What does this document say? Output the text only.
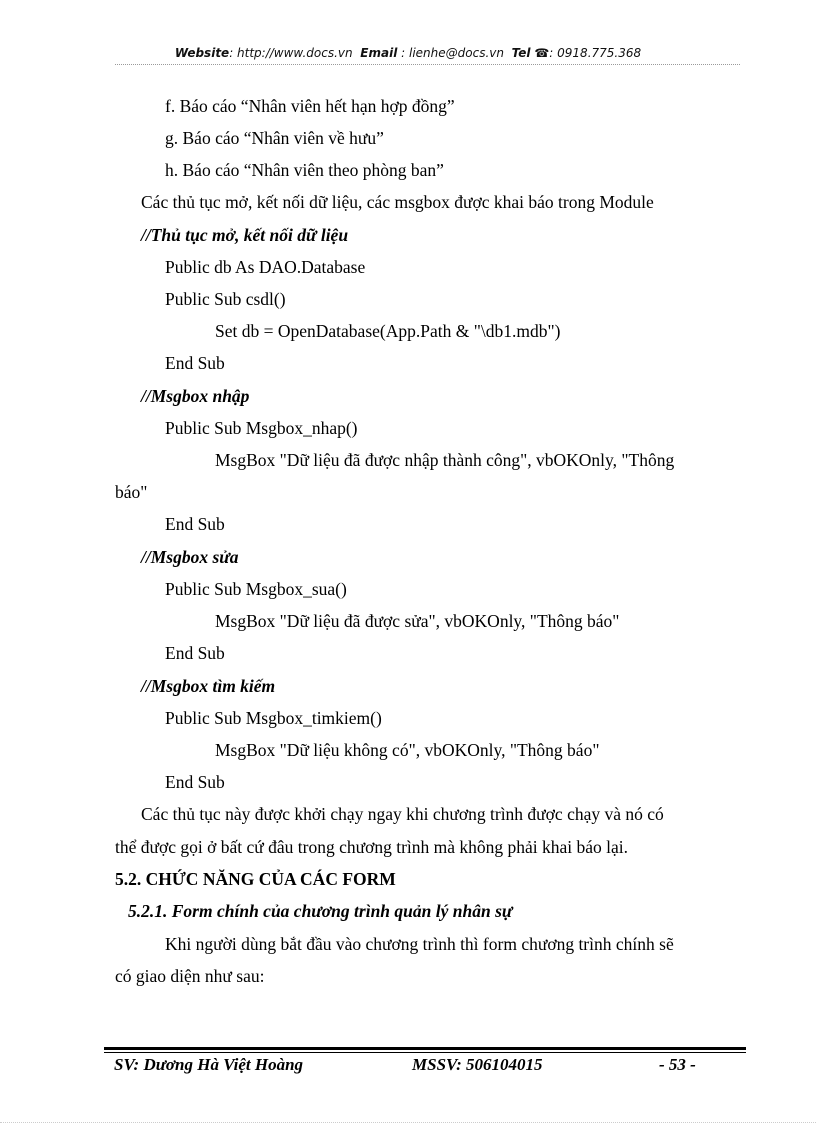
Website: http://www.docs.vn Email : lienhe@docs.vn Tel ☎: 0918.775.368
f. Báo cáo “Nhân viên hết hạn hợp đồng”
g. Báo cáo “Nhân viên về hưu”
h. Báo cáo “Nhân viên theo phòng ban”
Các thủ tục mở, kết nối dữ liệu, các msgbox được khai báo trong Module
//Thủ tục mở, kết nối dữ liệu
Public db As DAO.Database
Public Sub csdl()
Set db = OpenDatabase(App.Path & "\db1.mdb")
End Sub
//Msgbox nhập
Public Sub Msgbox_nhap()
MsgBox "Dữ liệu đã được nhập thành công", vbOKOnly, "Thông
báo"
End Sub
//Msgbox sửa
Public Sub Msgbox_sua()
MsgBox "Dữ liệu đã được sửa", vbOKOnly, "Thông báo"
End Sub
//Msgbox tìm kiếm
Public Sub Msgbox_timkiem()
MsgBox "Dữ liệu không có", vbOKOnly, "Thông báo"
End Sub
Các thủ tục này được khởi chạy ngay khi chương trình được chạy và nó có
thể được gọi ở bất cứ đâu trong chương trình mà không phải khai báo lại.
5.2. CHỨC NĂNG CỦA CÁC FORM
5.2.1. Form chính của chương trình quản lý nhân sự
Khi người dùng bắt đầu vào chương trình thì form chương trình chính sẽ
có giao diện như sau:
SV: Dương Hà Việt Hoàng	MSSV: 506104015	- 53 -
